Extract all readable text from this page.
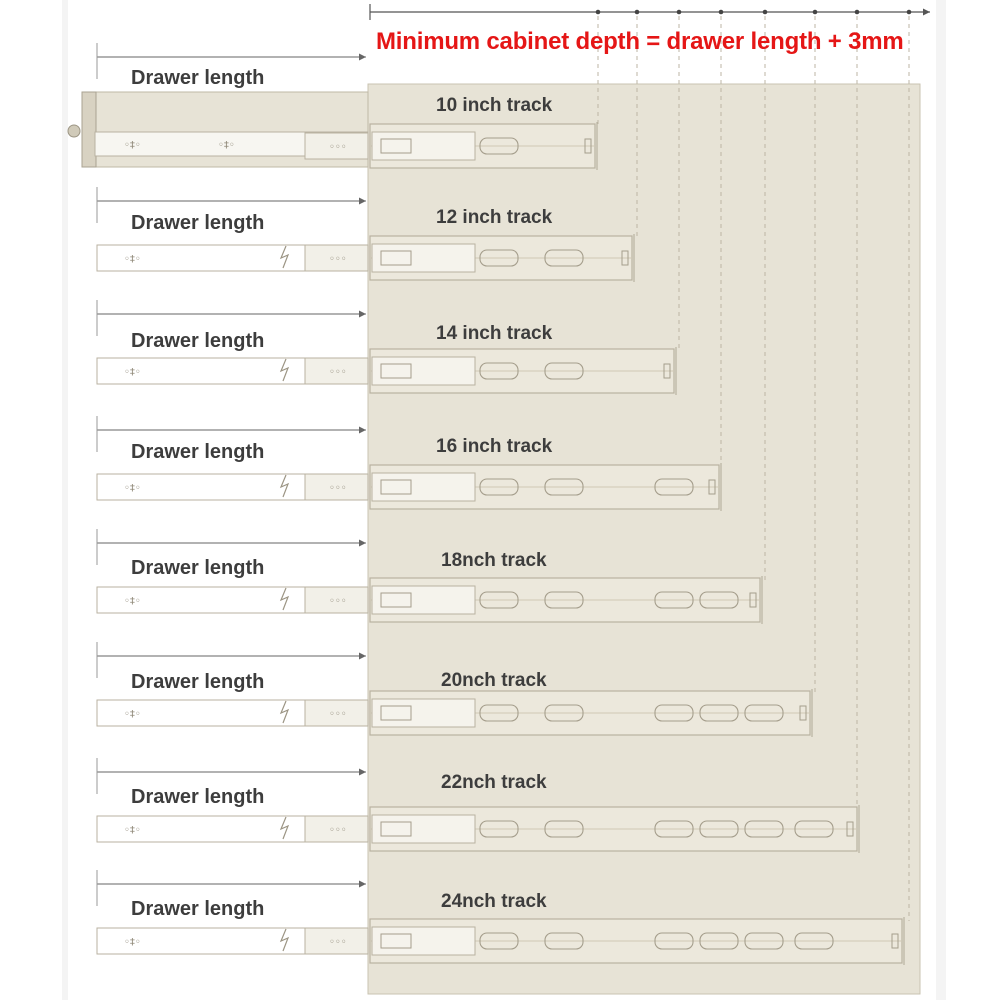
◦‡◦	◦‡◦	◦◦◦
◦‡◦	◦◦◦
◦‡◦	◦◦◦
◦‡◦	◦◦◦
◦‡◦	◦◦◦
◦‡◦	◦◦◦
◦‡◦	◦◦◦
◦‡◦	◦◦◦
Minimum cabinet depth = drawer length + 3mm
Drawer length
Drawer length
Drawer length
Drawer length
Drawer length
Drawer length
Drawer length
Drawer length
10 inch track
12 inch track
14 inch track
16 inch track
18nch track
20nch track
22nch track
24nch track
